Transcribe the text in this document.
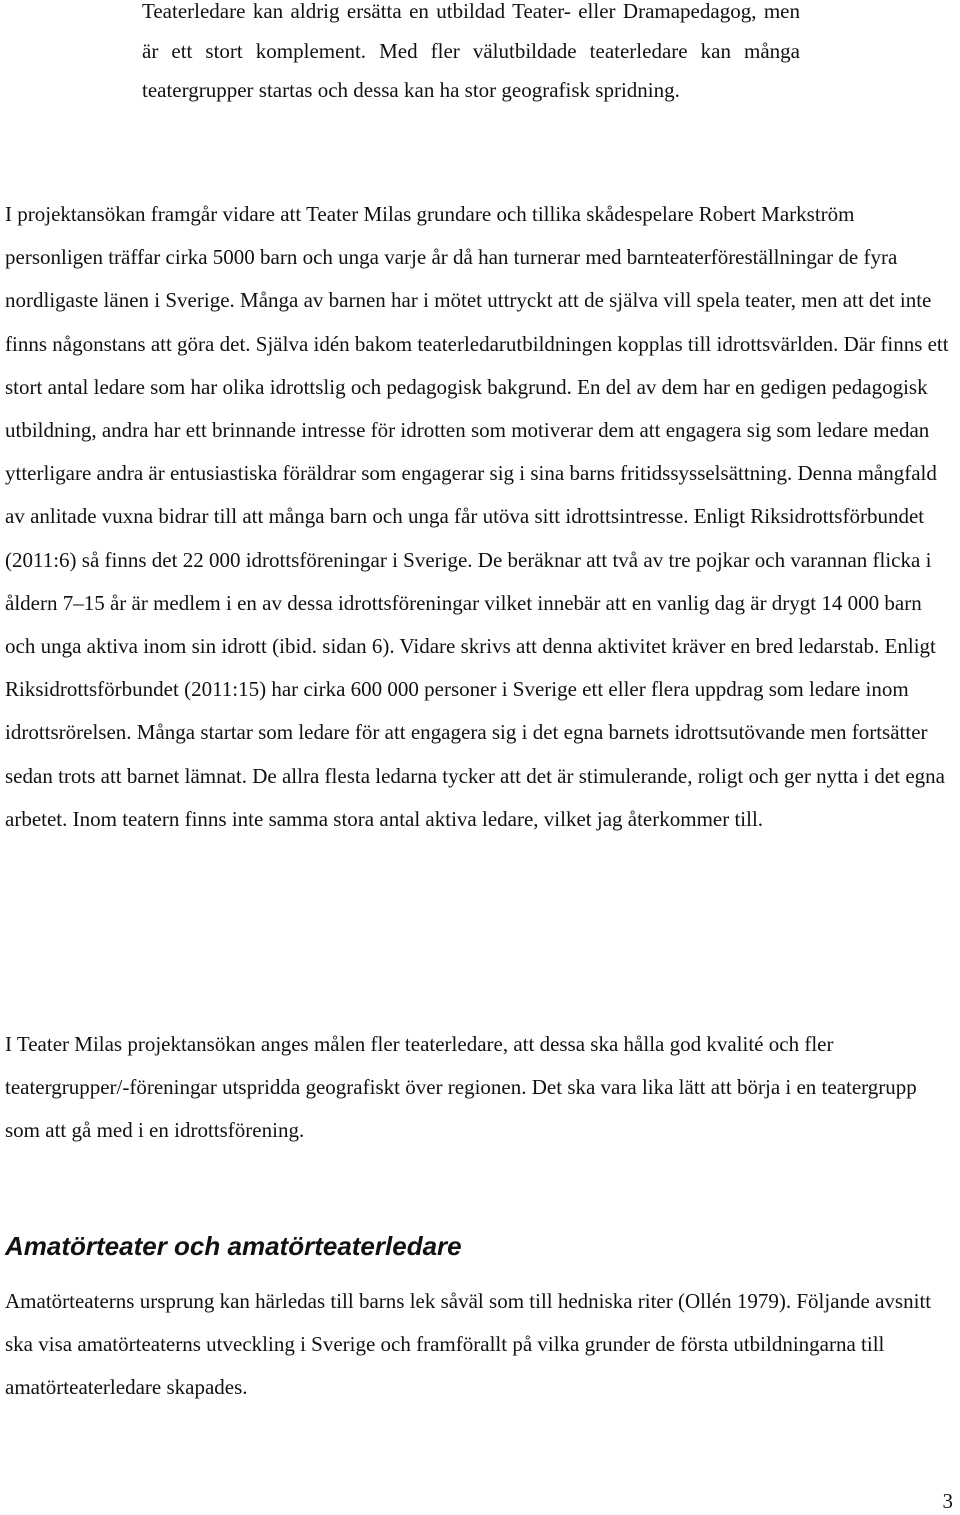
Teaterledare kan aldrig ersätta en utbildad Teater- eller Dramapedagog, men är ett stort komplement. Med fler välutbildade teaterledare kan många teatergrupper startas och dessa kan ha stor geografisk spridning.

I projektansökan framgår vidare att Teater Milas grundare och tillika skådespelare Robert Markström personligen träffar cirka 5000 barn och unga varje år då han turnerar med barnteaterföreställningar de fyra nordligaste länen i Sverige. Många av barnen har i mötet uttryckt att de själva vill spela teater, men att det inte finns någonstans att göra det. Själva idén bakom teaterledarutbildningen kopplas till idrottsvärlden. Där finns ett stort antal ledare som har olika idrottslig och pedagogisk bakgrund. En del av dem har en gedigen pedagogisk utbildning, andra har ett brinnande intresse för idrotten som motiverar dem att engagera sig som ledare medan ytterligare andra är entusiastiska föräldrar som engagerar sig i sina barns fritidssysselsättning. Denna mångfald av anlitade vuxna bidrar till att många barn och unga får utöva sitt idrottsintresse. Enligt Riksidrottsförbundet (2011:6) så finns det 22 000 idrottsföreningar i Sverige. De beräknar att två av tre pojkar och varannan flicka i åldern 7–15 år är medlem i en av dessa idrottsföreningar vilket innebär att en vanlig dag är drygt 14 000 barn och unga aktiva inom sin idrott (ibid. sidan 6). Vidare skrivs att denna aktivitet kräver en bred ledarstab. Enligt Riksidrottsförbundet (2011:15) har cirka 600 000 personer i Sverige ett eller flera uppdrag som ledare inom idrottsrörelsen. Många startar som ledare för att engagera sig i det egna barnets idrottsutövande men fortsätter sedan trots att barnet lämnat. De allra flesta ledarna tycker att det är stimulerande, roligt och ger nytta i det egna arbetet. Inom teatern finns inte samma stora antal aktiva ledare, vilket jag återkommer till.

I Teater Milas projektansökan anges målen fler teaterledare, att dessa ska hålla god kvalité och fler teatergrupper/-föreningar utspridda geografiskt över regionen. Det ska vara lika lätt att börja i en teatergrupp som att gå med i en idrottsförening.

Amatörteater och amatörteaterledare

Amatörteaterns ursprung kan härledas till barns lek såväl som till hedniska riter (Ollén 1979). Följande avsnitt ska visa amatörteaterns utveckling i Sverige och framförallt på vilka grunder de första utbildningarna till amatörteaterledare skapades.

3
